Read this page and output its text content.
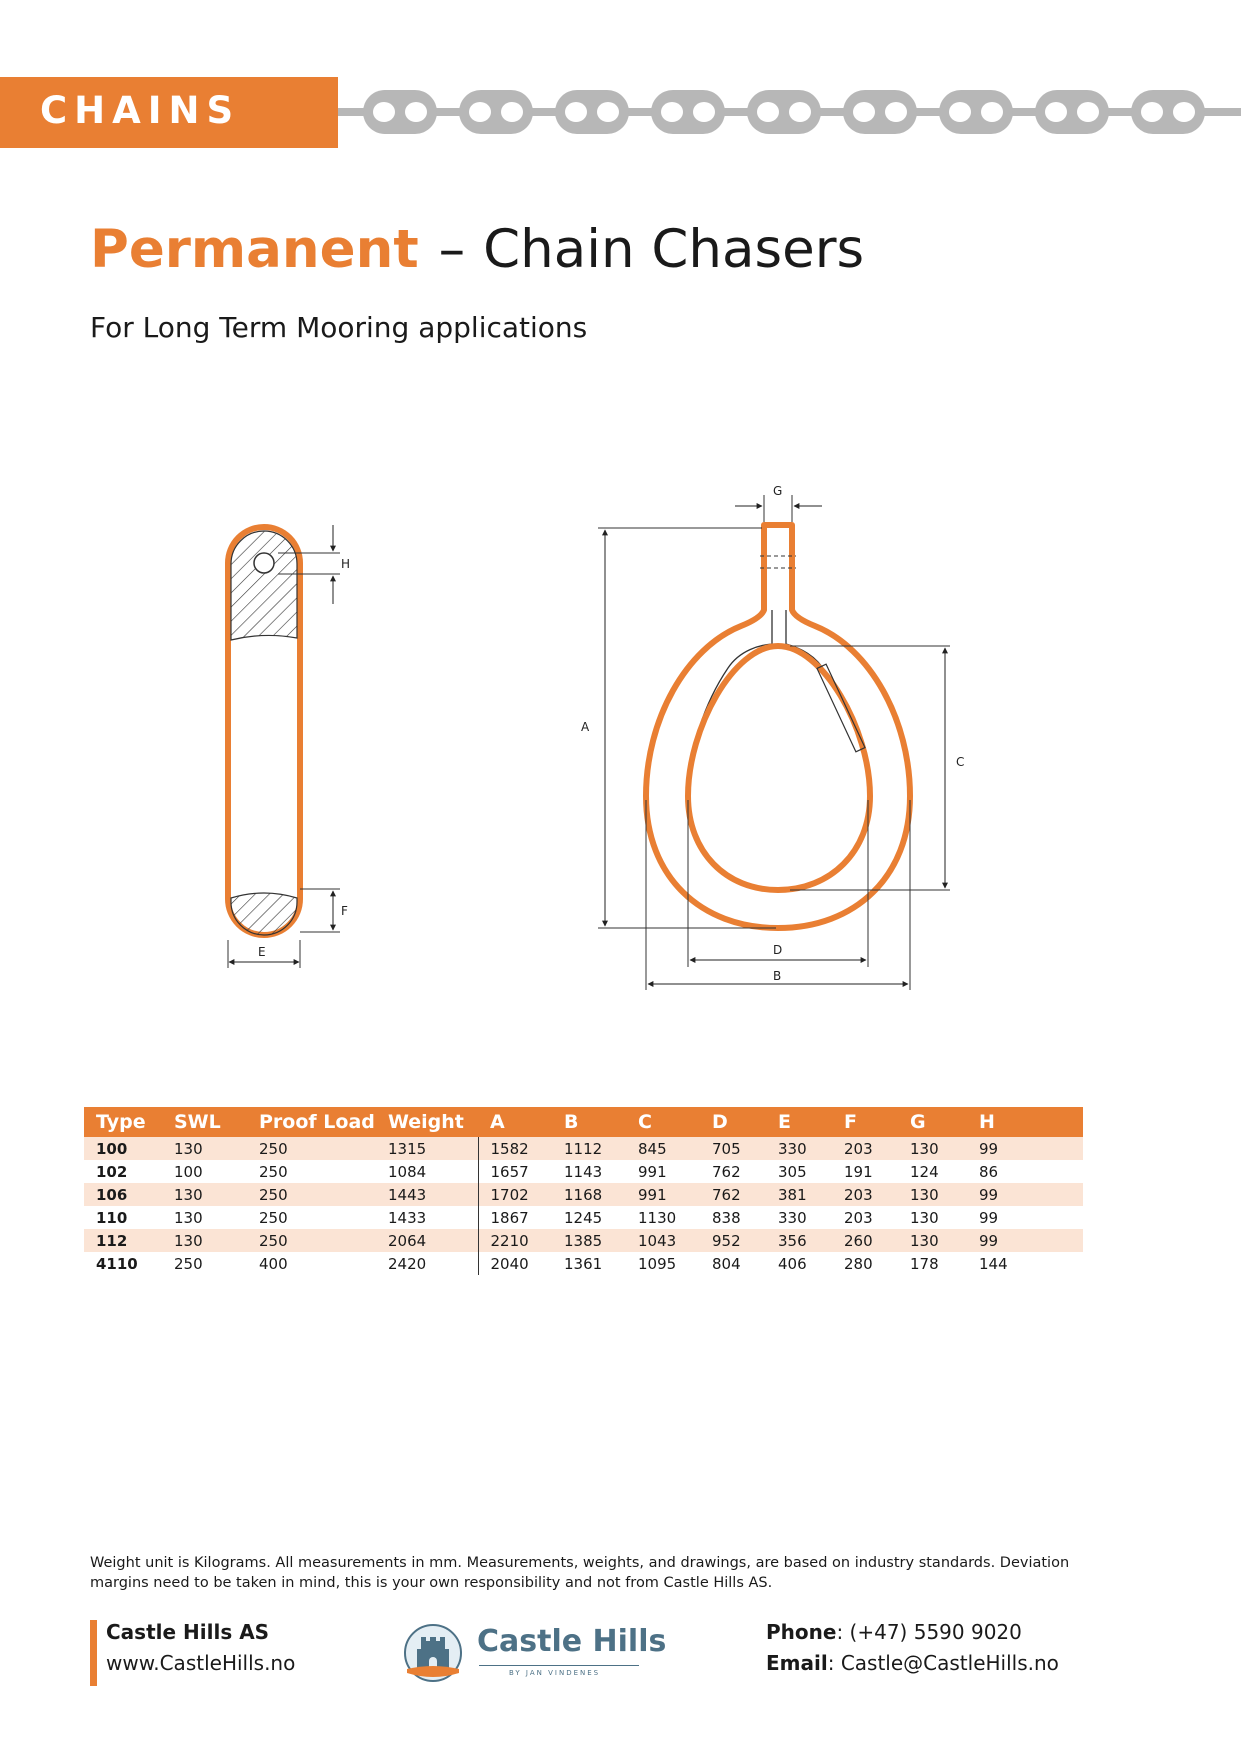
CHAINS
Permanent – Chain Chasers
For Long Term Mooring applications
H
F
E
G
A
C
D
B
Type	SWL	Proof Load	Weight	A	B	C	D	E	F	G	H
100	130	250	1315	1582	1112	845	705	330	203	130	99
102	100	250	1084	1657	1143	991	762	305	191	124	86
106	130	250	1443	1702	1168	991	762	381	203	130	99
110	130	250	1433	1867	1245	1130	838	330	203	130	99
112	130	250	2064	2210	1385	1043	952	356	260	130	99
4110	250	400	2420	2040	1361	1095	804	406	280	178	144
Weight unit is Kilograms. All measurements in mm. Measurements, weights, and drawings, are based on industry standards. Deviation margins need to be taken in mind, this is your own responsibility and not from Castle Hills AS.
Castle Hills AS
www.CastleHills.no
Castle Hills
BY JAN VINDENES
Phone: (+47) 5590 9020
Email: Castle@CastleHills.no
